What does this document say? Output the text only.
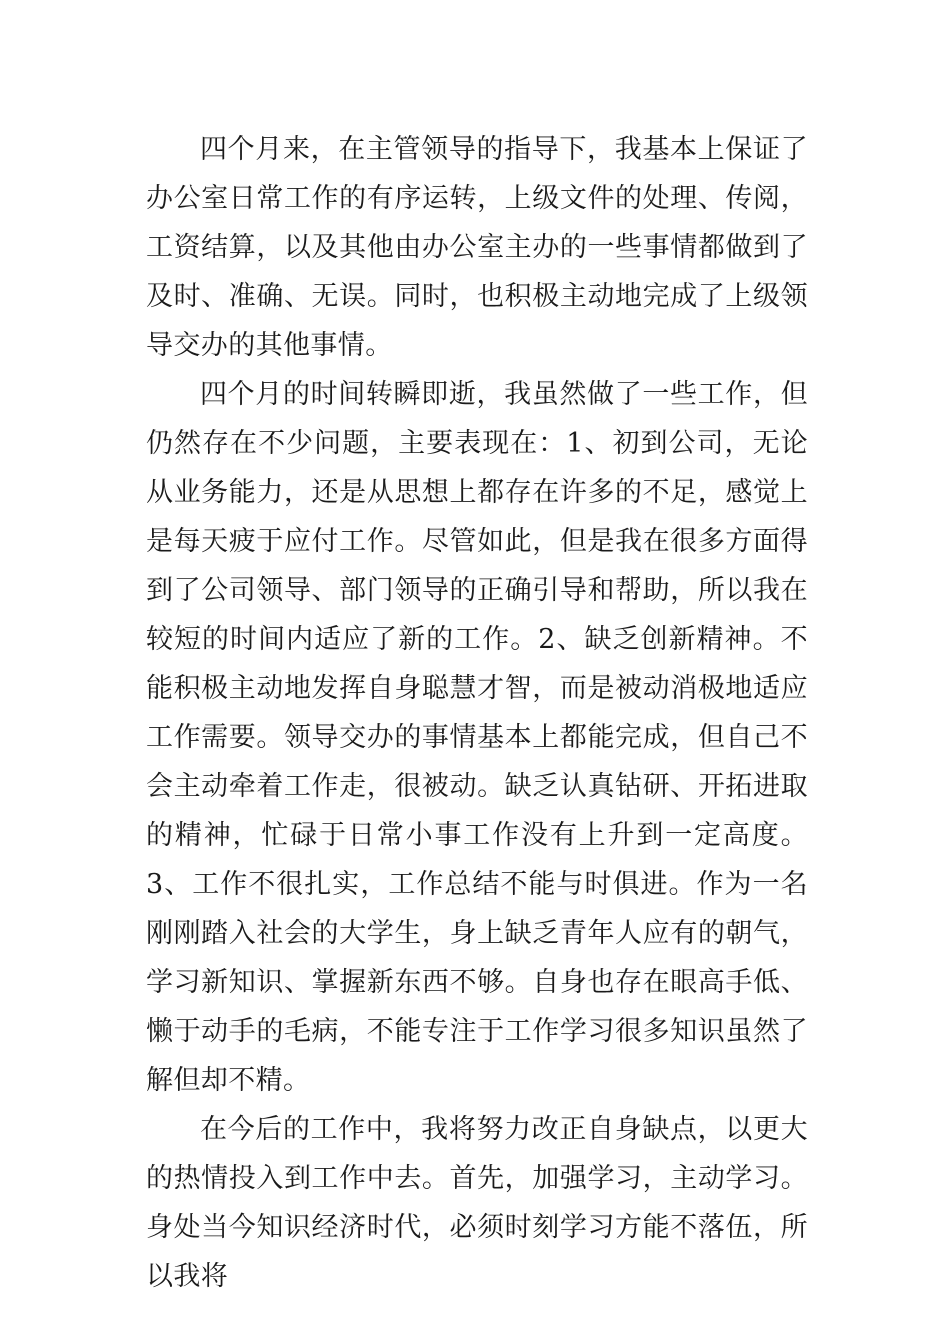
四个月来，在主管领导的指导下，我基本上保证了办公室日常工作的有序运转，上级文件的处理、传阅，工资结算，以及其他由办公室主办的一些事情都做到了及时、准确、无误。同时，也积极主动地完成了上级领导交办的其他事情。

四个月的时间转瞬即逝，我虽然做了一些工作，但仍然存在不少问题，主要表现在：1、初到公司，无论从业务能力，还是从思想上都存在许多的不足，感觉上是每天疲于应付工作。尽管如此，但是我在很多方面得到了公司领导、部门领导的正确引导和帮助，所以我在较短的时间内适应了新的工作。2、缺乏创新精神。不能积极主动地发挥自身聪慧才智，而是被动消极地适应工作需要。领导交办的事情基本上都能完成，但自己不会主动牵着工作走，很被动。缺乏认真钻研、开拓进取的精神，忙碌于日常小事工作没有上升到一定高度。3、工作不很扎实，工作总结不能与时俱进。作为一名刚刚踏入社会的大学生，身上缺乏青年人应有的朝气，学习新知识、掌握新东西不够。自身也存在眼高手低、懒于动手的毛病，不能专注于工作学习很多知识虽然了解但却不精。

在今后的工作中，我将努力改正自身缺点，以更大的热情投入到工作中去。首先，加强学习，主动学习。身处当今知识经济时代，必须时刻学习方能不落伍，所以我将
